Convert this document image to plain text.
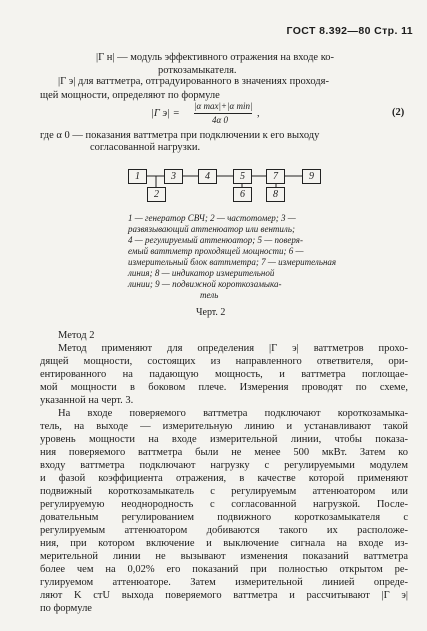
ГОСТ 8.392—80 Стр. 11
|Γ н| — модуль эффективного отражения на входе ко-
роткозамыкателя.
|Γ э| для ваттметра, отградуированного в значениях проходя-
щей мощности, определяют по формуле
|Γ э| =
|α max|+|α min|
4α 0
,	(2)
где α 0 — показания ваттметра при подключении к его выходу
согласованной нагрузки.
1	3	4	5	7	9
2	6	8
1 — генератор СВЧ; 2 — частотомер; 3 —
развязывающий аттенюатор или вентиль;
4 — регулируемый аттенюатор; 5 — поверя-
емый ваттметр проходящей мощности; 6 —
измерительный блок ваттметра; 7 — измерительная
линия; 8 — индикатор измерительной
линии; 9 — подвижной короткозамыка-
тель
Черт. 2
Метод 2
Метод применяют для определения |Γ э| ваттметров прохо-
дящей мощности, состоящих из направленного ответвителя, ори-
ентированного на падающую мощность, и ваттметра поглощае-
мой мощности в боковом плече. Измерения проводят по схеме,
указанной на черт. 3.
На входе поверяемого ваттметра подключают короткозамыка-
тель, на выходе — измерительную линию и устанавливают такой
уровень мощности на входе измерительной линии, чтобы показа-
ния поверяемого ваттметра были не менее 500 мкВт. Затем ко
входу ваттметра подключают нагрузку с регулируемыми модулем
и фазой коэффициента отражения, в качестве которой применяют
подвижный короткозамыкатель с регулируемым аттенюатором или
регулируемую неоднородность с согласованной нагрузкой. После-
довательным регулированием подвижного короткозамыкателя с
регулируемым аттенюатором добиваются такого их расположе-
ния, при котором включение и выключение сигнала на входе из-
мерительной линии не вызывают изменения показаний ваттметра
более чем на 0,02% его показаний при полностью открытом ре-
гулируемом аттенюаторе. Затем измерительной линией опреде-
ляют K стU выхода поверяемого ваттметра и рассчитывают |Γ э|
по формуле
